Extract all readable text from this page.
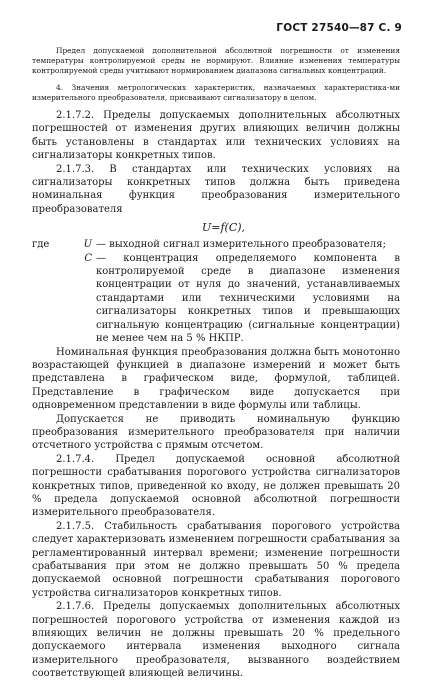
ГОСТ 27540—87 С. 9

Предел допускаемой дополнительной абсолютной погрешности от изменения температуры контролируемой среды не нормируют. Влияние изменения температуры контролируемой среды учитывают нормированием диапазона сигнальных концентраций.

4. Значения метрологических характеристик, назначаемых характеристика-ми измерительного преобразователя, присваивают сигнализатору в целом.

2.1.7.2. Пределы допускаемых дополнительных абсолютных погрешностей от изменения других влияющих величин должны быть установлены в стандартах или технических условиях на сигнализаторы конкретных типов.

2.1.7.3. В стандартах или технических условиях на сигнализаторы конкретных типов должна быть приведена номинальная функция преобразования измерительного преобразователя

U=f(C),
где	U — выходной сигнал измерительного преобразователя;
C — концентрация определяемого компонента в контролируемой среде в диапазоне изменения концентрации от нуля до значений, устанавливаемых стандартами или техническими условиями на сигнализаторы конкретных типов и превышающих сигнальную концентрацию (сигнальные концентрации) не менее чем на 5 % НКПР.

Номинальная функция преобразования должна быть монотонно возрастающей функцией в диапазоне измерений и может быть представлена в графическом виде, формулой, таблицей. Представление в графическом виде допускается при одновременном представлении в виде формулы или таблицы.

Допускается не приводить номинальную функцию преобразования измерительного преобразователя при наличии отсчетного устройства с прямым отсчетом.

2.1.7.4. Предел допускаемой основной абсолютной погрешности срабатывания порогового устройства сигнализаторов конкретных типов, приведенной ко входу, не должен превышать 20 % предела допускаемой основной абсолютной погрешности измерительного преобразователя.

2.1.7.5. Стабильность срабатывания порогового устройства следует характеризовать изменением погрешности срабатывания за регламентированный интервал времени; изменение погрешности срабатывания при этом не должно превышать 50 % предела допускаемой основной погрешности срабатывания порогового устройства сигнализаторов конкретных типов.

2.1.7.6. Пределы допускаемых дополнительных абсолютных погрешностей порогового устройства от изменения каждой из влияющих величин не должны превышать 20 % предельного допускаемого интервала изменения выходного сигнала измерительного преобразователя, вызванного воздействием соответствующей влияющей величины.
